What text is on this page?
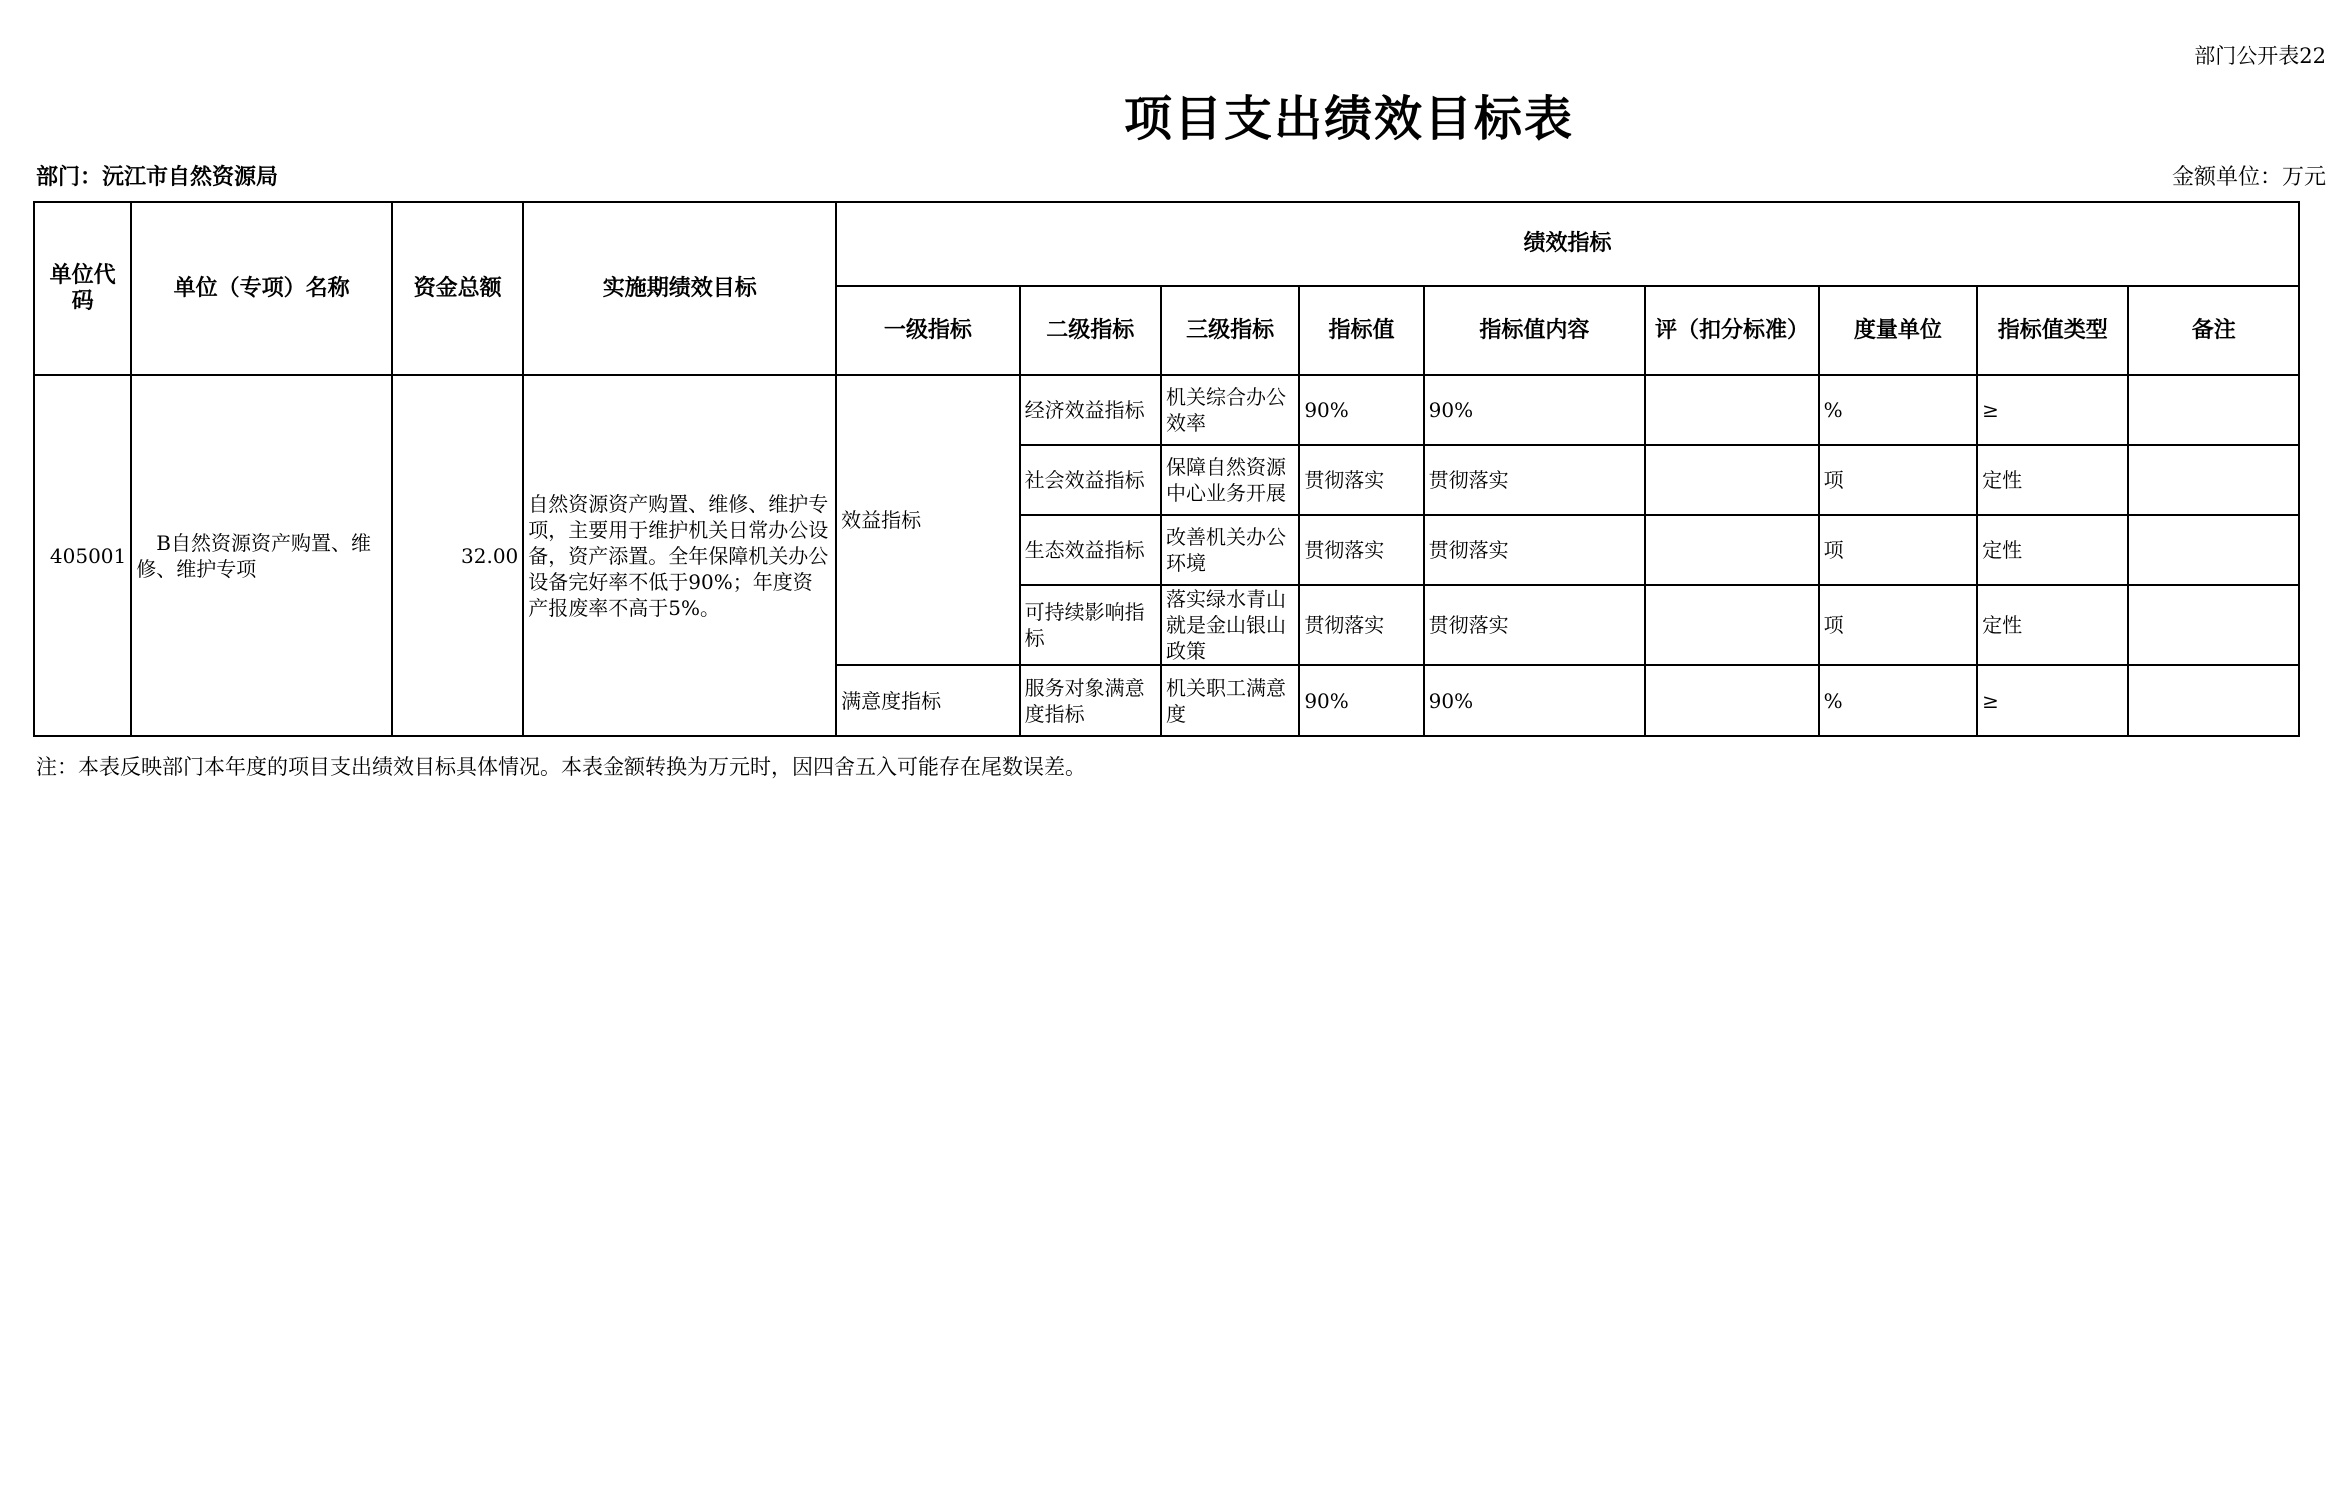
部门公开表22
项目支出绩效目标表
部门：沅江市自然资源局	金额单位：万元
单位代码	单位（专项）名称	资金总额	实施期绩效目标	绩效指标								
				一级指标	二级指标	三级指标	指标值	指标值内容	评（扣分标准）	度量单位	指标值类型	备注
405001	B自然资源资产购置、维修、维护专项	32.00	自然资源资产购置、维修、维护专项，主要用于维护机关日常办公设备，资产添置。全年保障机关办公设备完好率不低于90%；年度资产报废率不高于5%。	效益指标	经济效益指标	机关综合办公效率	90%	90%		%	≥	
					社会效益指标	保障自然资源中心业务开展	贯彻落实	贯彻落实		项	定性	
					生态效益指标	改善机关办公环境	贯彻落实	贯彻落实		项	定性	
					可持续影响指标	落实绿水青山就是金山银山政策	贯彻落实	贯彻落实		项	定性	
				满意度指标	服务对象满意度指标	机关职工满意度	90%	90%		%	≥	
注：本表反映部门本年度的项目支出绩效目标具体情况。本表金额转换为万元时，因四舍五入可能存在尾数误差。
